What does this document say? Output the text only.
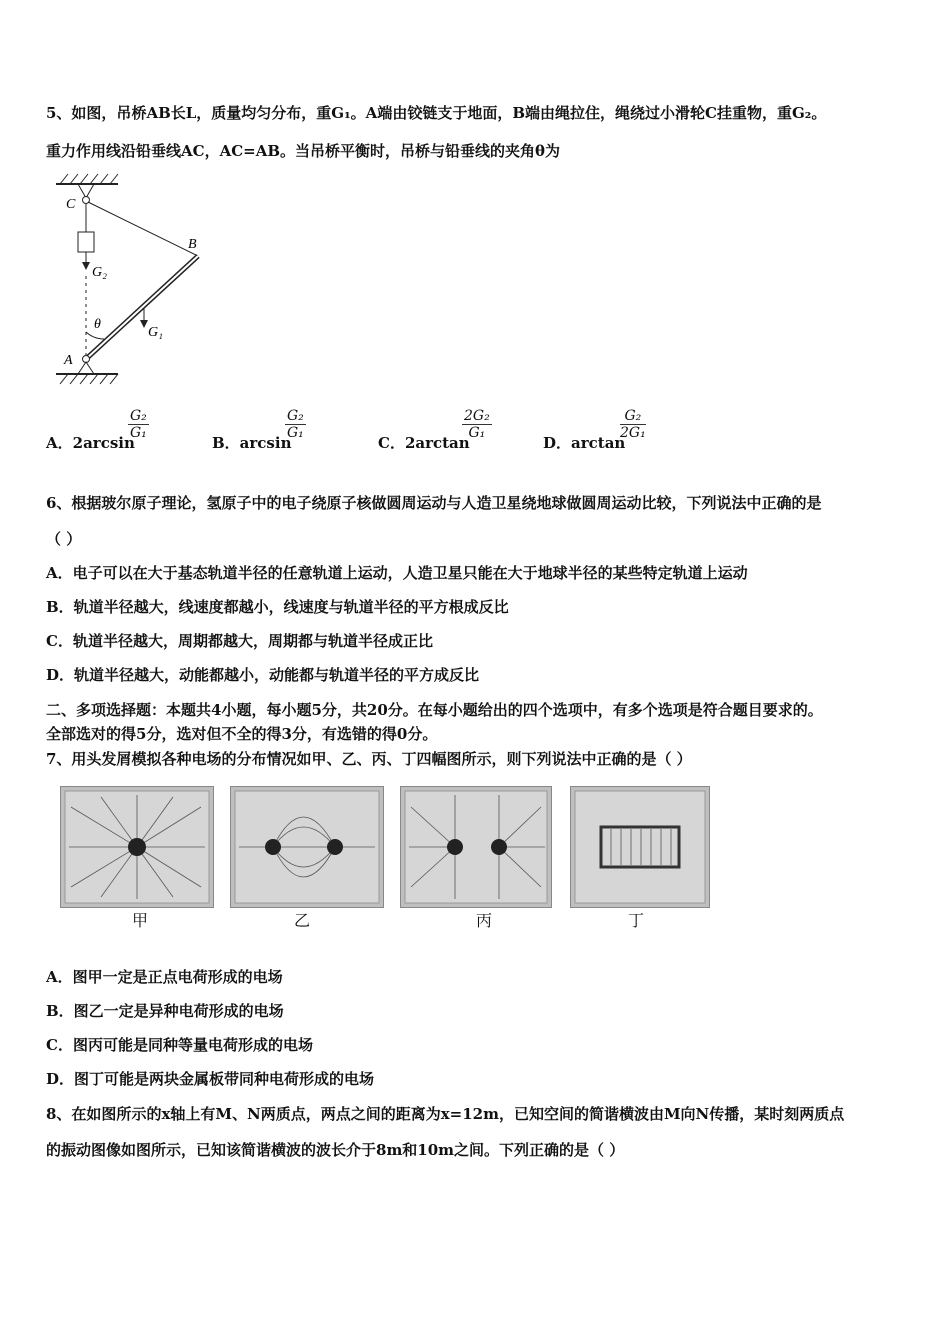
5、如图，吊桥AB长L，质量均匀分布，重G₁。A端由铰链支于地面，B端由绳拉住，绳绕过小滑轮C挂重物，重G₂。
重力作用线沿铅垂线AC，AC=AB。当吊桥平衡时，吊桥与铅垂线的夹角θ为
C
B
A
G₂
G₁
θ
A．2arcsin
$\frac{\text{G₂}}{\text{G₁}}$
B．arcsin
$\frac{\text{G₂}}{\text{G₁}}$
C．2arctan
$\frac{\text{2G₂}}{\text{G₁}}$
D．arctan
$\frac{\text{G₂}}{\text{2G₁}}$
6、根据玻尔原子理论，氢原子中的电子绕原子核做圆周运动与人造卫星绕地球做圆周运动比较，下列说法中正确的是
（ ）
A．电子可以在大于基态轨道半径的任意轨道上运动，人造卫星只能在大于地球半径的某些特定轨道上运动
B．轨道半径越大，线速度都越小，线速度与轨道半径的平方根成反比
C．轨道半径越大，周期都越大，周期都与轨道半径成正比
D．轨道半径越大，动能都越小，动能都与轨道半径的平方成反比
二、多项选择题：本题共4小题，每小题5分，共20分。在每小题给出的四个选项中，有多个选项是符合题目要求的。
全部选对的得5分，选对但不全的得3分，有选错的得0分。
7、用头发屑模拟各种电场的分布情况如甲、乙、丙、丁四幅图所示，则下列说法中正确的是（ ）
甲	乙	丙	丁
A．图甲一定是正点电荷形成的电场
B．图乙一定是异种电荷形成的电场
C．图丙可能是同种等量电荷形成的电场
D．图丁可能是两块金属板带同种电荷形成的电场
8、在如图所示的x轴上有M、N两质点，两点之间的距离为x=12m，已知空间的简谐横波由M向N传播，某时刻两质点
的振动图像如图所示，已知该简谐横波的波长介于8m和10m之间。下列正确的是（ ）
